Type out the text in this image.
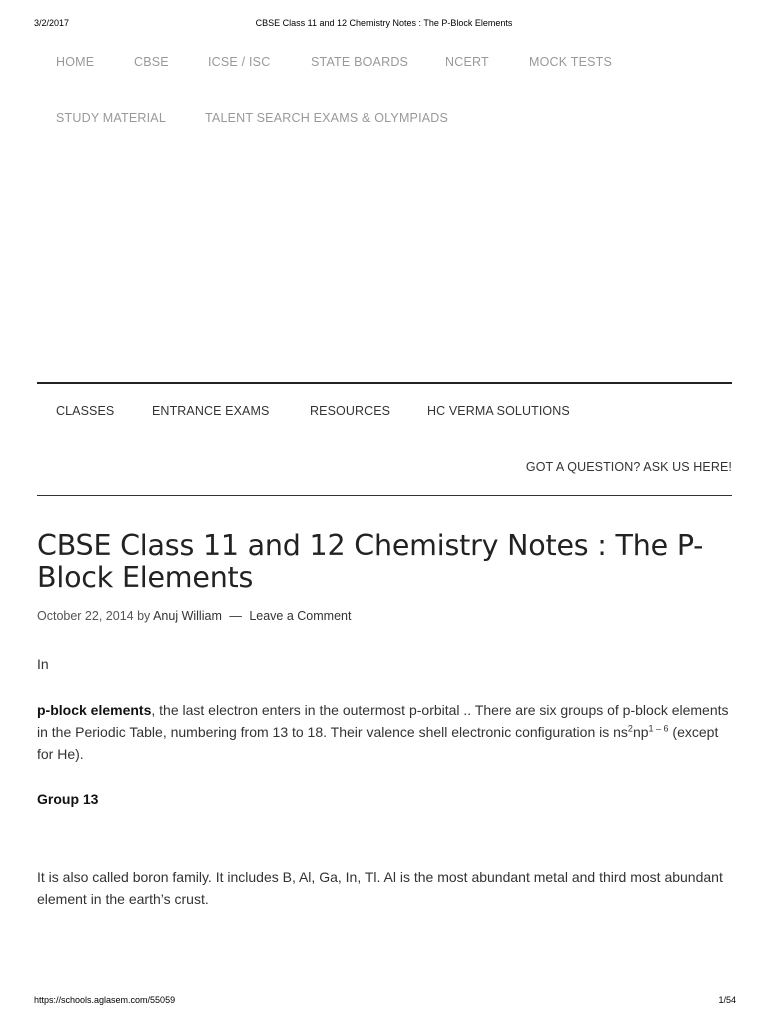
3/2/2017	CBSE Class 11 and 12 Chemistry Notes : The P-Block Elements
HOME	CBSE	ICSE / ISC	STATE BOARDS	NCERT	MOCK TESTS
STUDY MATERIAL	TALENT SEARCH EXAMS & OLYMPIADS
CLASSES	ENTRANCE EXAMS	RESOURCES	HC VERMA SOLUTIONS
GOT A QUESTION? ASK US HERE!
CBSE Class 11 and 12 Chemistry Notes : The P-Block Elements
October 22, 2014 by Anuj William — Leave a Comment

In

p-block elements, the last electron enters in the outermost p-orbital .. There are six groups of p-block elements in the Periodic Table, numbering from 13 to 18. Their valence shell electronic configuration is $ns^2np^{1 - 6}$ (except for He).

Group 13

It is also called boron family. It includes B, Al, Ga, In, Tl. Al is the most abundant metal and third most abundant element in the earth’s crust.

https://schools.aglasem.com/55059	1/54
